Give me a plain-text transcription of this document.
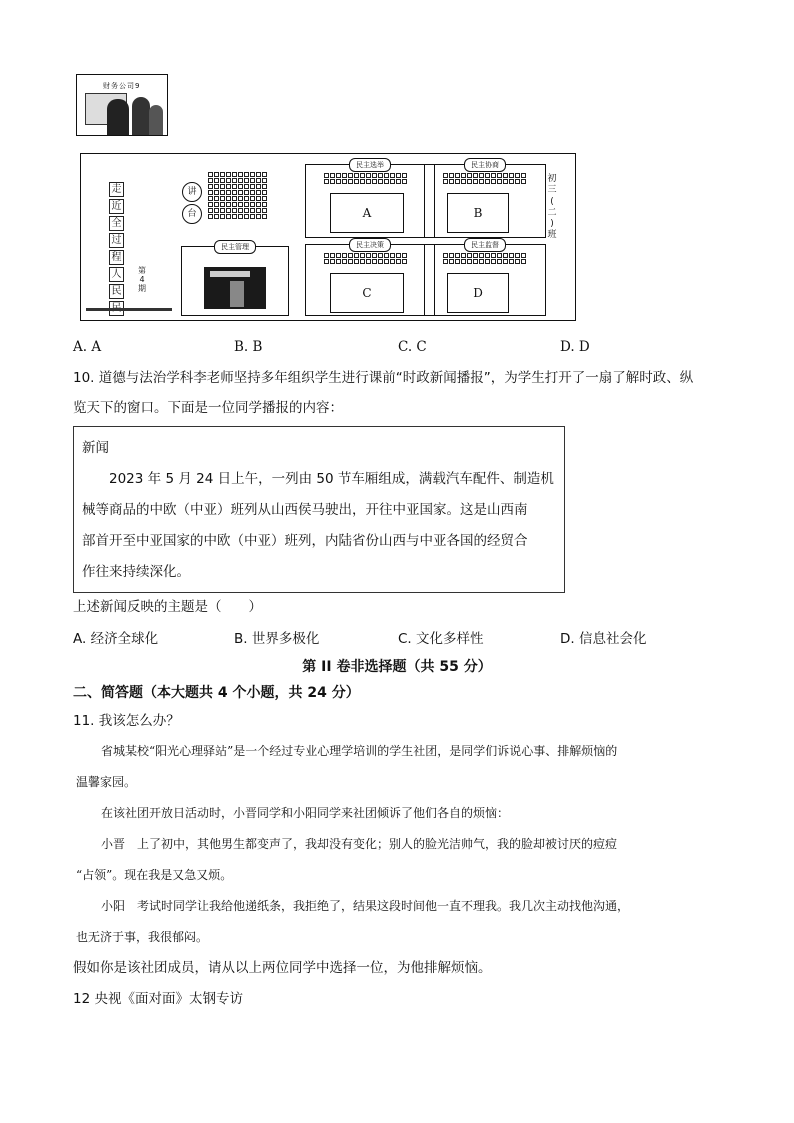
财务公司9
走
近
全
过
程
人
民
第
4
期
讲
台
民主管理
民主选举
A
民主协商
B
民主决策
C
民主监督
D
初
三
(
二
)
班
A. A	B. B	C. C	D. D
10. 道德与法治学科李老师坚持多年组织学生进行课前“时政新闻播报”，为学生打开了一扇了解时政、纵
览天下的窗口。下面是一位同学播报的内容：
新闻
2023 年 5 月 24 日上午，一列由 50 节车厢组成，满载汽车配件、制造机
械等商品的中欧（中亚）班列从山西侯马驶出，开往中亚国家。这是山西南
部首开至中亚国家的中欧（中亚）班列，内陆省份山西与中亚各国的经贸合
作往来持续深化。
上述新闻反映的主题是（　　）
A. 经济全球化	B. 世界多极化	C. 文化多样性	D. 信息社会化
第 II 卷非选择题（共 55 分）
二、简答题（本大题共 4 个小题，共 24 分）
11. 我该怎么办？
省城某校“阳光心理驿站”是一个经过专业心理学培训的学生社团，是同学们诉说心事、排解烦恼的
温馨家园。
在该社团开放日活动时，小晋同学和小阳同学来社团倾诉了他们各自的烦恼：
小晋　上了初中，其他男生都变声了，我却没有变化；别人的脸光洁帅气，我的脸却被讨厌的痘痘
“占领”。现在我是又急又烦。
小阳　考试时同学让我给他递纸条，我拒绝了，结果这段时间他一直不理我。我几次主动找他沟通，
也无济于事，我很郁闷。
假如你是该社团成员，请从以上两位同学中选择一位，为他排解烦恼。
12 央视《面对面》太钢专访
